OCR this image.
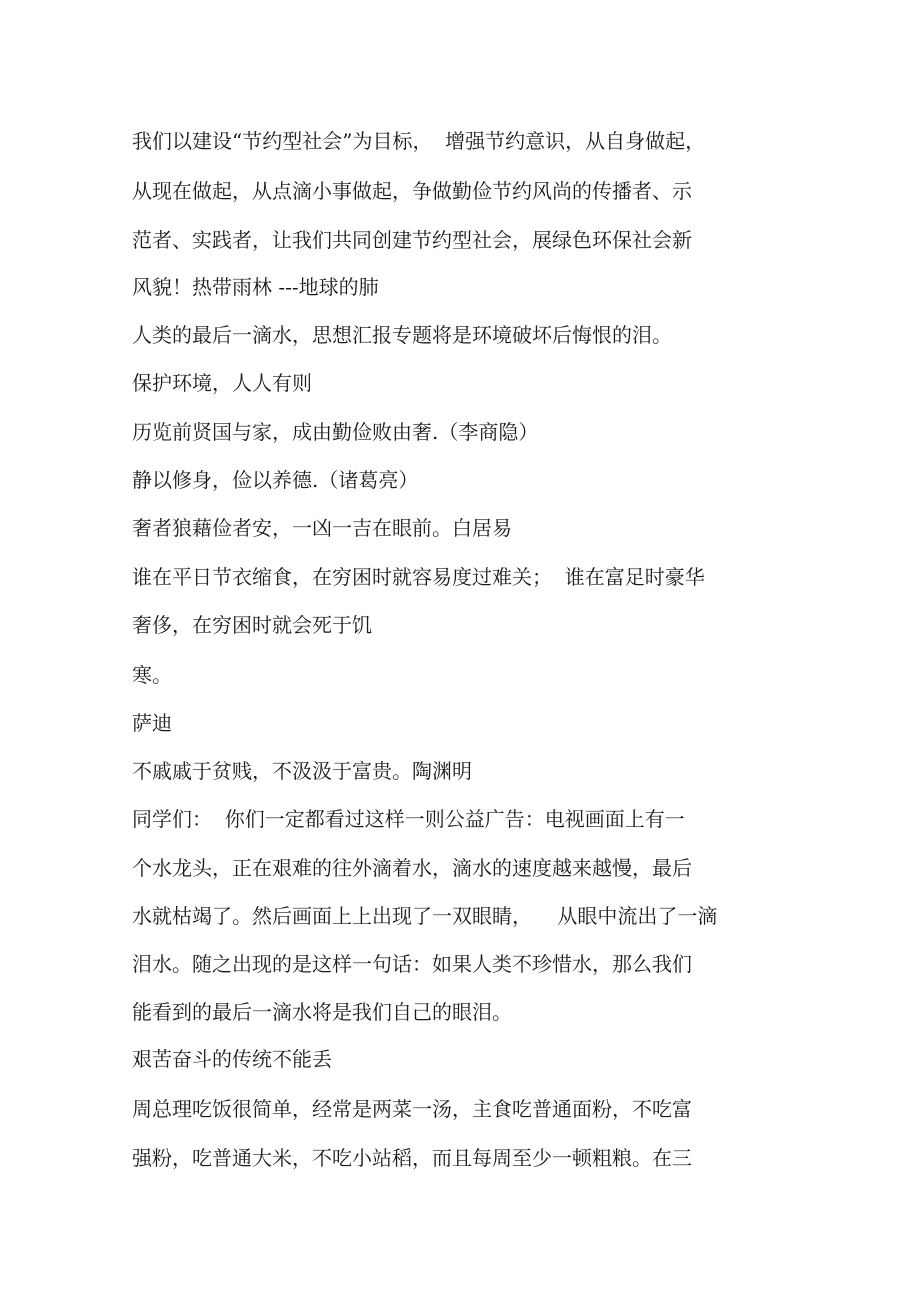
我们以建设“节约型社会”为目标，  增强节约意识，从自身做起，
从现在做起，从点滴小事做起，争做勤俭节约风尚的传播者、示
范者、实践者，让我们共同创建节约型社会，展绿色环保社会新
风貌！热带雨林 ---地球的肺
人类的最后一滴水，思想汇报专题将是环境破坏后悔恨的泪。
保护环境，人人有则
历览前贤国与家，成由勤俭败由奢.（李商隐）
静以修身，俭以养德.（诸葛亮）
奢者狼藉俭者安，一凶一吉在眼前。白居易
谁在平日节衣缩食，在穷困时就容易度过难关；  谁在富足时豪华
奢侈，在穷困时就会死于饥
寒。
萨迪
不戚戚于贫贱，不汲汲于富贵。陶渊明
同学们：  你们一定都看过这样一则公益广告：电视画面上有一
个水龙头，正在艰难的往外滴着水，滴水的速度越来越慢，最后
水就枯竭了。然后画面上上出现了一双眼睛，    从眼中流出了一滴
泪水。随之出现的是这样一句话：如果人类不珍惜水，那么我们
能看到的最后一滴水将是我们自己的眼泪。
艰苦奋斗的传统不能丢
周总理吃饭很简单，经常是两菜一汤，主食吃普通面粉，不吃富
强粉，吃普通大米，不吃小站稻，而且每周至少一顿粗粮。在三
